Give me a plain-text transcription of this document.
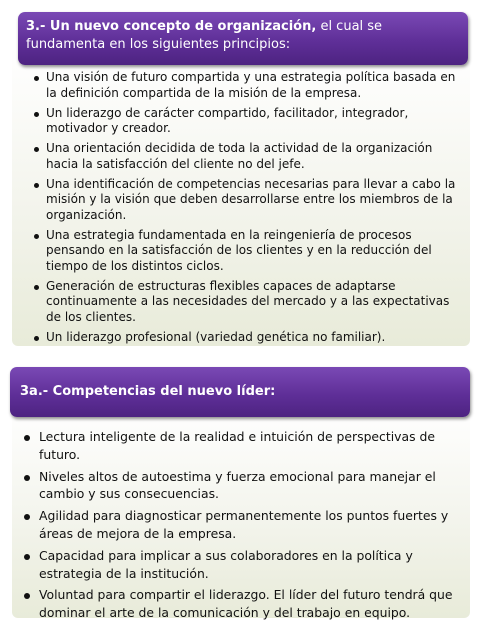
3.- Un nuevo concepto de organización, el cual se fundamenta en los siguientes principios:
Una visión de futuro compartida y una estrategia política basada en la definición compartida de la misión de la empresa.
Un liderazgo de carácter compartido, facilitador, integrador, motivador y creador.
Una orientación decidida de toda la actividad de la organización hacia la satisfacción del cliente no del jefe.
Una identificación de competencias necesarias para llevar a cabo la misión y la visión que deben desarrollarse entre los miembros de la organización.
Una estrategia fundamentada en la reingeniería de procesos pensando en la satisfacción de los clientes y en la reducción del tiempo de los distintos ciclos.
Generación de estructuras flexibles capaces de adaptarse continuamente a las necesidades del mercado y a las expectativas de los clientes.
Un liderazgo profesional (variedad genética no familiar).
3a.- Competencias del nuevo líder:
Lectura inteligente de la realidad e intuición de perspectivas de futuro.
Niveles altos de autoestima y fuerza emocional para manejar el cambio y sus consecuencias.
Agilidad para diagnosticar permanentemente los puntos fuertes y áreas de mejora de la empresa.
Capacidad para implicar a sus colaboradores en la política y estrategia de la institución.
Voluntad para compartir el liderazgo. El líder del futuro tendrá que dominar el arte de la comunicación y del trabajo en equipo.
